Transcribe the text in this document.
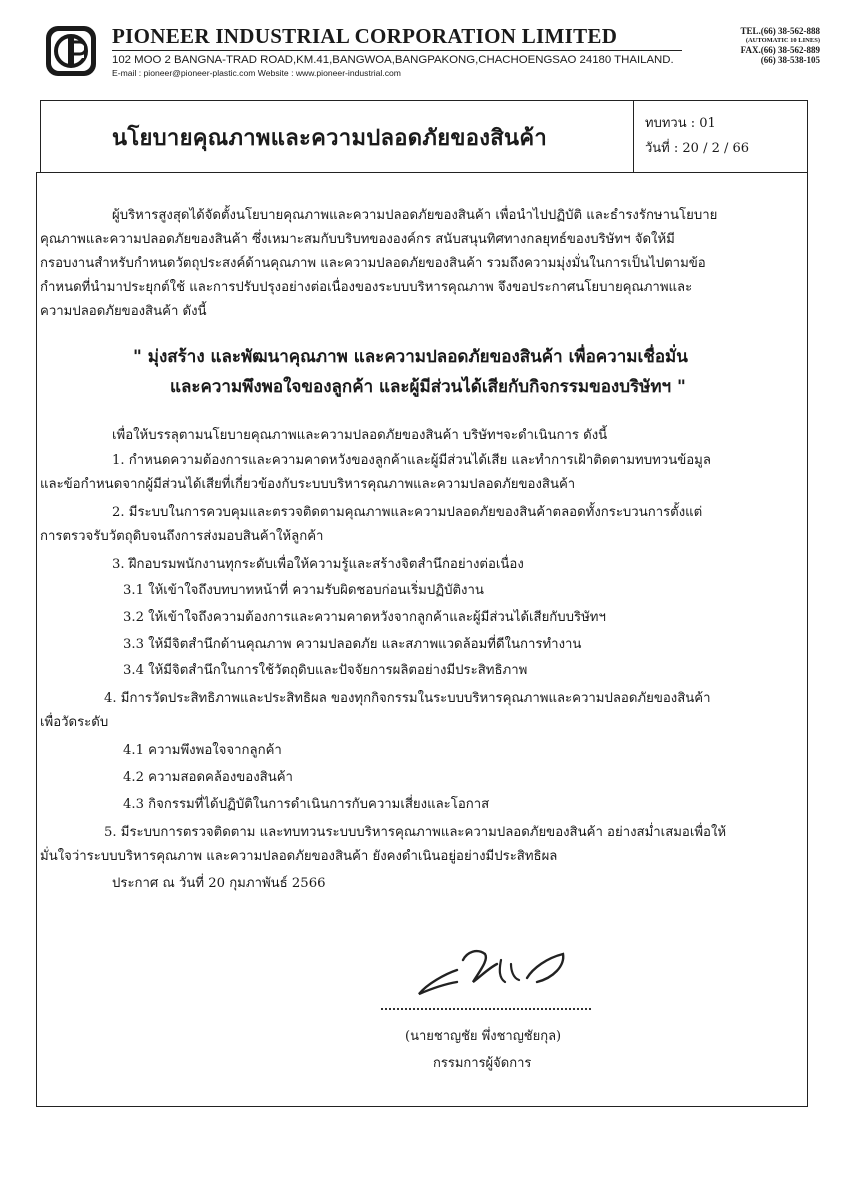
PIONEER INDUSTRIAL CORPORATION LIMITED
102 MOO 2 BANGNA-TRAD ROAD,KM.41,BANGWOA,BANGPAKONG,CHACHOENGSAO 24180 THAILAND.
E-mail : pioneer@pioneer-plastic.com Website : www.pioneer-industrial.com
TEL.(66) 38-562-888
(AUTOMATIC 10 LINES)
FAX.(66) 38-562-889
(66) 38-538-105
นโยบายคุณภาพและความปลอดภัยของสินค้า
ทบทวน : 01
วันที่ : 20 / 2 / 66
ผู้บริหารสูงสุดได้จัดตั้งนโยบายคุณภาพและความปลอดภัยของสินค้า เพื่อนำไปปฏิบัติ และธำรงรักษานโยบาย
คุณภาพและความปลอดภัยของสินค้า ซึ่งเหมาะสมกับบริบทขององค์กร สนับสนุนทิศทางกลยุทธ์ของบริษัทฯ จัดให้มี
กรอบงานสำหรับกำหนดวัตถุประสงค์ด้านคุณภาพ และความปลอดภัยของสินค้า รวมถึงความมุ่งมั่นในการเป็นไปตามข้อ
กำหนดที่นำมาประยุกต์ใช้ และการปรับปรุงอย่างต่อเนื่องของระบบบริหารคุณภาพ จึงขอประกาศนโยบายคุณภาพและ
ความปลอดภัยของสินค้า ดังนี้
" มุ่งสร้าง และพัฒนาคุณภาพ และความปลอดภัยของสินค้า เพื่อความเชื่อมั่น
และความพึงพอใจของลูกค้า และผู้มีส่วนได้เสียกับกิจกรรมของบริษัทฯ "
เพื่อให้บรรลุตามนโยบายคุณภาพและความปลอดภัยของสินค้า บริษัทฯจะดำเนินการ ดังนี้
1. กำหนดความต้องการและความคาดหวังของลูกค้าและผู้มีส่วนได้เสีย และทำการเฝ้าติดตามทบทวนข้อมูล
และข้อกำหนดจากผู้มีส่วนได้เสียที่เกี่ยวข้องกับระบบบริหารคุณภาพและความปลอดภัยของสินค้า
2. มีระบบในการควบคุมและตรวจติดตามคุณภาพและความปลอดภัยของสินค้าตลอดทั้งกระบวนการตั้งแต่
การตรวจรับวัตถุดิบจนถึงการส่งมอบสินค้าให้ลูกค้า
3. ฝึกอบรมพนักงานทุกระดับเพื่อให้ความรู้และสร้างจิตสำนึกอย่างต่อเนื่อง
3.1 ให้เข้าใจถึงบทบาทหน้าที่ ความรับผิดชอบก่อนเริ่มปฏิบัติงาน
3.2 ให้เข้าใจถึงความต้องการและความคาดหวังจากลูกค้าและผู้มีส่วนได้เสียกับบริษัทฯ
3.3 ให้มีจิตสำนึกด้านคุณภาพ ความปลอดภัย และสภาพแวดล้อมที่ดีในการทำงาน
3.4 ให้มีจิตสำนึกในการใช้วัตถุดิบและปัจจัยการผลิตอย่างมีประสิทธิภาพ
4. มีการวัดประสิทธิภาพและประสิทธิผล ของทุกกิจกรรมในระบบบริหารคุณภาพและความปลอดภัยของสินค้า
เพื่อวัดระดับ
4.1 ความพึงพอใจจากลูกค้า
4.2 ความสอดคล้องของสินค้า
4.3 กิจกรรมที่ได้ปฏิบัติในการดำเนินการกับความเสี่ยงและโอกาส
5. มีระบบการตรวจติดตาม และทบทวนระบบบริหารคุณภาพและความปลอดภัยของสินค้า อย่างสม่ำเสมอเพื่อให้
มั่นใจว่าระบบบริหารคุณภาพ และความปลอดภัยของสินค้า ยังคงดำเนินอยู่อย่างมีประสิทธิผล
ประกาศ ณ วันที่ 20 กุมภาพันธ์ 2566
(นายชาญชัย พึ่งชาญชัยกุล)
กรรมการผู้จัดการ
